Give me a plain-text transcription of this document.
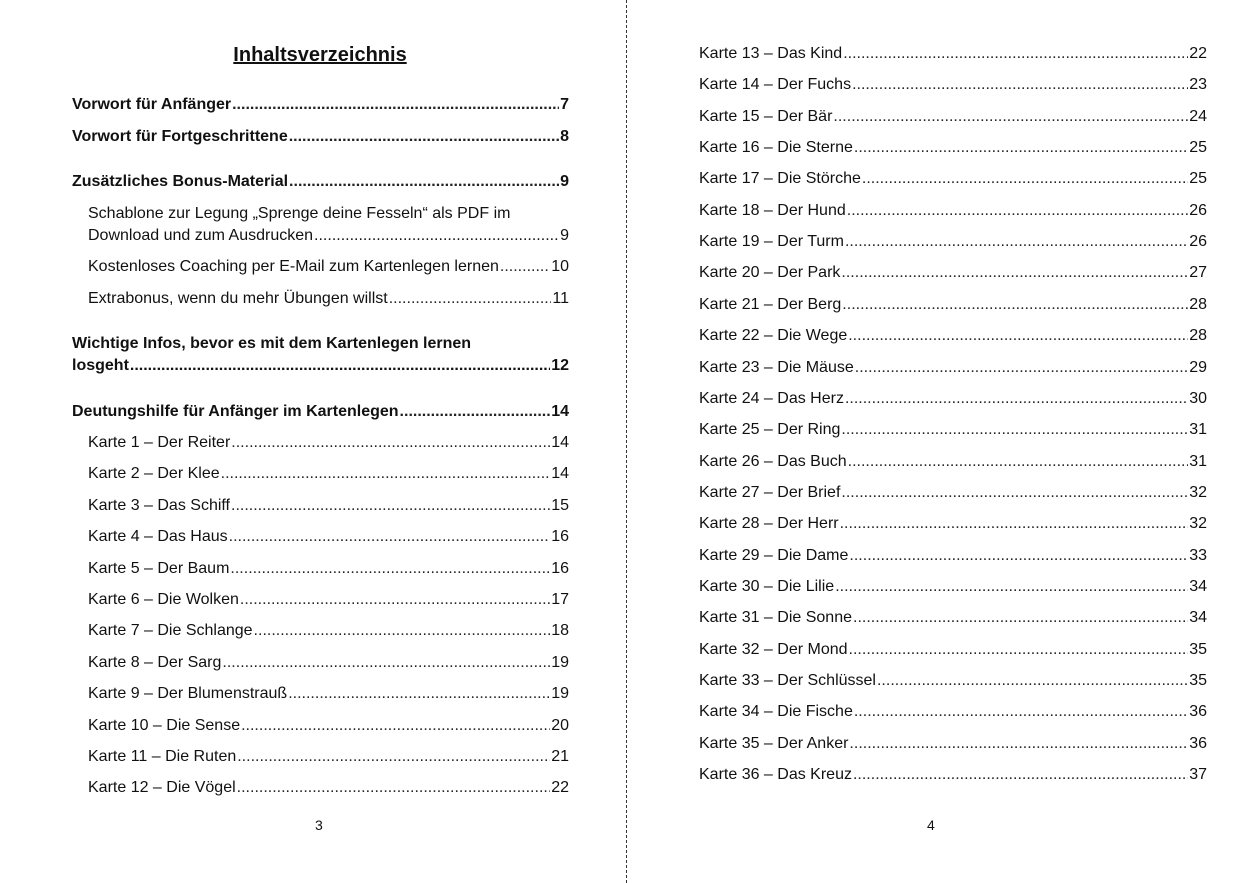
Inhaltsverzeichnis
Vorwort für Anfänger .....	7
Vorwort für Fortgeschrittene .....	8
Zusätzliches Bonus-Material .....	9
Schablone zur Legung „Sprenge deine Fesseln“ als PDF im
Download und zum Ausdrucken .....	9
Kostenloses Coaching per E-Mail zum Kartenlegen lernen .....	10
Extrabonus, wenn du mehr Übungen willst .....	11
Wichtige Infos, bevor es mit dem Kartenlegen lernen
losgeht .....	12
Deutungshilfe für Anfänger im Kartenlegen .....	14
Karte 1 – Der Reiter .....	14
Karte 2 – Der Klee .....	14
Karte 3 – Das Schiff .....	15
Karte 4 – Das Haus .....	16
Karte 5 – Der Baum .....	16
Karte 6 – Die Wolken .....	17
Karte 7 – Die Schlange .....	18
Karte 8 – Der Sarg .....	19
Karte 9 – Der Blumenstrauß .....	19
Karte 10 – Die Sense .....	20
Karte 11 – Die Ruten .....	21
Karte 12 – Die Vögel .....	22
3
Karte 13 – Das Kind .....	22
Karte 14 – Der Fuchs .....	23
Karte 15 – Der Bär .....	24
Karte 16 – Die Sterne .....	25
Karte 17 – Die Störche .....	25
Karte 18 – Der Hund .....	26
Karte 19 – Der Turm .....	26
Karte 20 – Der Park .....	27
Karte 21 – Der Berg .....	28
Karte 22 – Die Wege .....	28
Karte 23 – Die Mäuse .....	29
Karte 24 – Das Herz .....	30
Karte 25 – Der Ring .....	31
Karte 26 – Das Buch .....	31
Karte 27 – Der Brief .....	32
Karte 28 – Der Herr .....	32
Karte 29 – Die Dame .....	33
Karte 30 – Die Lilie .....	34
Karte 31 – Die Sonne .....	34
Karte 32 – Der Mond .....	35
Karte 33 – Der Schlüssel .....	35
Karte 34 – Die Fische .....	36
Karte 35 – Der Anker .....	36
Karte 36 – Das Kreuz .....	37
4
